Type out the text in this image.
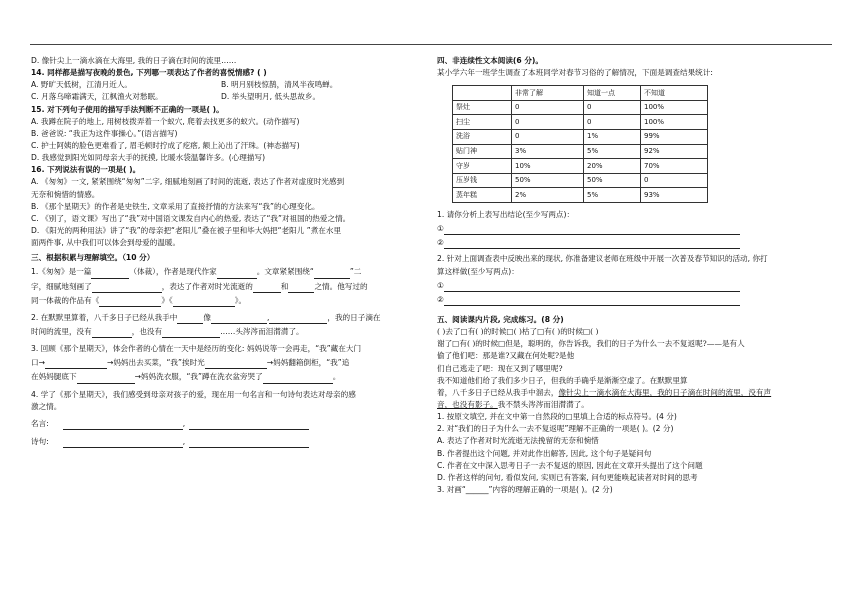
D. 像针尖上一滴水滴在大海里, 我的日子滴在时间的流里……
14. 同样都是描写夜晚的景色, 下列哪一项表达了作者的喜悦情感? ( )
A. 野旷天低树，江清月近人。	B. 明月别枝惊鹊，清风半夜鸣蝉。
C. 月落乌啼霜满天，江枫渔火对愁眠。	D. 举头望明月, 低头思故乡。
15. 对下列句子使用的描写手法判断不正确的一项是( )。
A. 我蹲在院子的地上, 用树枝拨弄着一个蚁穴, 爬着去找更多的蚁穴。(动作描写)
B. 爸爸说: “我正为这件事操心。”(语言描写)
C. 护士阿姨的脸色更难看了, 眉毛顿时拧成了疙瘩, 额上沁出了汗珠。(神态描写)
D. 我感觉到阳光如同母亲大手的抚摸, 比暖水袋温馨许多。(心理描写)
16. 下列说法有误的一项是( )。
A. 《匆匆》一文, 紧紧围绕“匆匆”二字, 细腻地刻画了时间的流逝, 表达了作者对虚度时光感到
无奈和惋惜的情感。
B. 《那个星期天》的作者是史铁生, 文章采用了直接抒情的方法来写“我”的心理变化。
C. 《别了，语文课》写出了“我”对中国语文课发自内心的热爱, 表达了“我”对祖国的热爱之情。
D. 《阳光的两种用法》讲了“我”的母亲把“老阳儿”叠在被子里和毕大妈把“老阳儿 ”煮在水里
面两件事, 从中我们可以体会到母爱的温暖。
三、根据积累与理解填空。（10 分）
1.《匆匆》是一篇	（体裁），作者是现代作家	。文章紧紧围绕“	”二
字，细腻地刻画了	，表达了作者对时光流逝的	和	之情。他写过的
同一体裁的作品有《	》《	》。
2. 在默默里算着，八千多日子已经从我手中	像	,	，我的日子滴在
时间的流里，没有	，也没有	……头涔涔而泪潸潸了。
3. 回顾《那个星期天》，体会作者的心情在一天中是经历的变化: 妈妈说等一会再走，“我”藏在大门
口→	→妈妈出去买菜，“我”挨时光	→妈妈翻箱倒柜，“我”追
在妈妈腿底下	→妈妈洗衣服，“我”蹲在洗衣盆旁哭了	。
4. 学了《那个星期天》，我们感受到母亲对孩子的爱，现在用一句名言和一句诗句表达对母亲的感
激之情。
名言:	,
诗句:	,
四、非连续性文本阅读(6 分)。
某小学六年一班学生调查了本班同学对春节习俗的了解情况，下面是调查结果统计:
	非常了解	知道一点	不知道
祭灶	0	0	100%
扫尘	0	0	100%
洗浴	0	1%	99%
贴门神	3%	5%	92%
守岁	10%	20%	70%
压岁钱	50%	50%	0
蒸年糕	2%	5%	93%
1. 请你分析上表写出结论(至少写两点)：
①
②
2. 针对上面调查表中反映出来的现状, 你准备建议老师在班级中开展一次普及春节知识的活动, 你打
算这样做(至少写两点)：
①
②
五、阅读课内片段, 完成练习。(8 分)
( )去了□有( )的时候□( )枯了□有( )的时候□( )
谢了□有( )的时候□但是，聪明的，你告诉我，我们的日子为什么一去不复返呢?——是有人
偷了他们吧：那是谁?又藏在何处呢?是他
们自己逃走了吧：现在又到了哪里呢?
我不知道他们给了我们多少日子，但我的手确乎是渐渐空虚了。在默默里算
着，八千多日子已经从我手中溜去，像针尖上一滴水滴在大海里，我的日子滴在时间的流里，没有声
音，也没有影子。我不禁头涔涔而泪潸潸了。
1. 按原文填空, 并在文中第一自然段的□里填上合适的标点符号。(4 分)
2. 对“我们的日子为什么一去不复返呢”理解不正确的一项是( )。(2 分)
A. 表达了作者对时光流逝无法挽留的无奈和惋惜
B. 作者提出这个问题, 并对此作出解答, 因此, 这个句子是疑问句
C. 作者在文中深入思考日子一去不复返的原因, 因此在文章开头提出了这个问题
D. 作者这样的问句, 看似发问, 实则已有答案, 问句更能唤起读者对时间的思考
3. 对画“______”内容的理解正确的一项是( )。(2 分)
